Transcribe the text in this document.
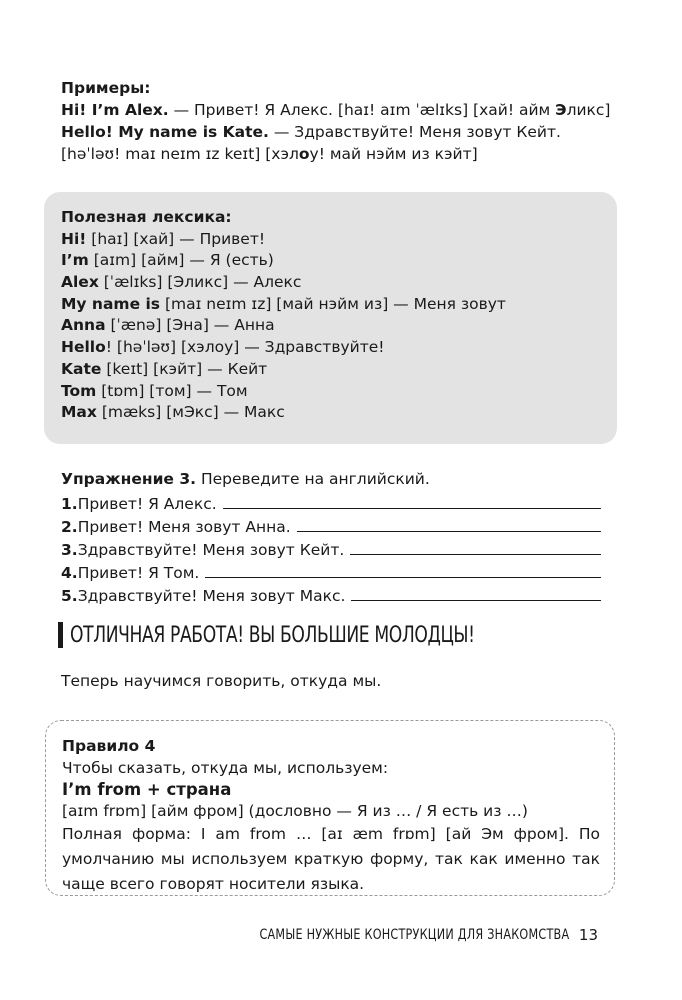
Примеры:
Hi! I’m Alex. — Привет! Я Алекс. [haɪ! aɪm ˈælɪks] [хай! айм Эликс]
Hello! My name is Kate. — Здравствуйте! Меня зовут Кейт.
[həˈləʊ! maɪ neɪm ɪz keɪt] [хэлоу! май нэйм из кэйт]
Полезная лексика:
Hi! [haɪ] [хай] — Привет!
I’m [aɪm] [айм] — Я (есть)
Alex [ˈælɪks] [Эликс] — Алекс
My name is [maɪ neɪm ɪz] [май нэйм из] — Меня зовут
Anna [ˈænə] [Эна] — Анна
Hello! [həˈləʊ] [хэлоу] — Здравствуйте!
Kate [keɪt] [кэйт] — Кейт
Tom [tɒm] [том] — Том
Max [mæks] [мЭкс] — Макс
Упражнение 3. Переведите на английский.
1. Привет! Я Алекс.
2. Привет! Меня зовут Анна.
3. Здравствуйте! Меня зовут Кейт.
4. Привет! Я Том.
5. Здравствуйте! Меня зовут Макс.
ОТЛИЧНАЯ РАБОТА! ВЫ БОЛЬШИЕ МОЛОДЦЫ!
Теперь научимся говорить, откуда мы.
Правило 4
Чтобы сказать, откуда мы, используем:
I’m from + страна
[aɪm frɒm] [айм фром] (дословно — Я из … / Я есть из …)
Полная форма: I am from … [aɪ æm frɒm] [ай Эм фром]. По умолчанию мы используем краткую форму, так как именно так чаще всего говорят носители языка.
САМЫЕ НУЖНЫЕ КОНСТРУКЦИИ ДЛЯ ЗНАКОМСТВА 13
